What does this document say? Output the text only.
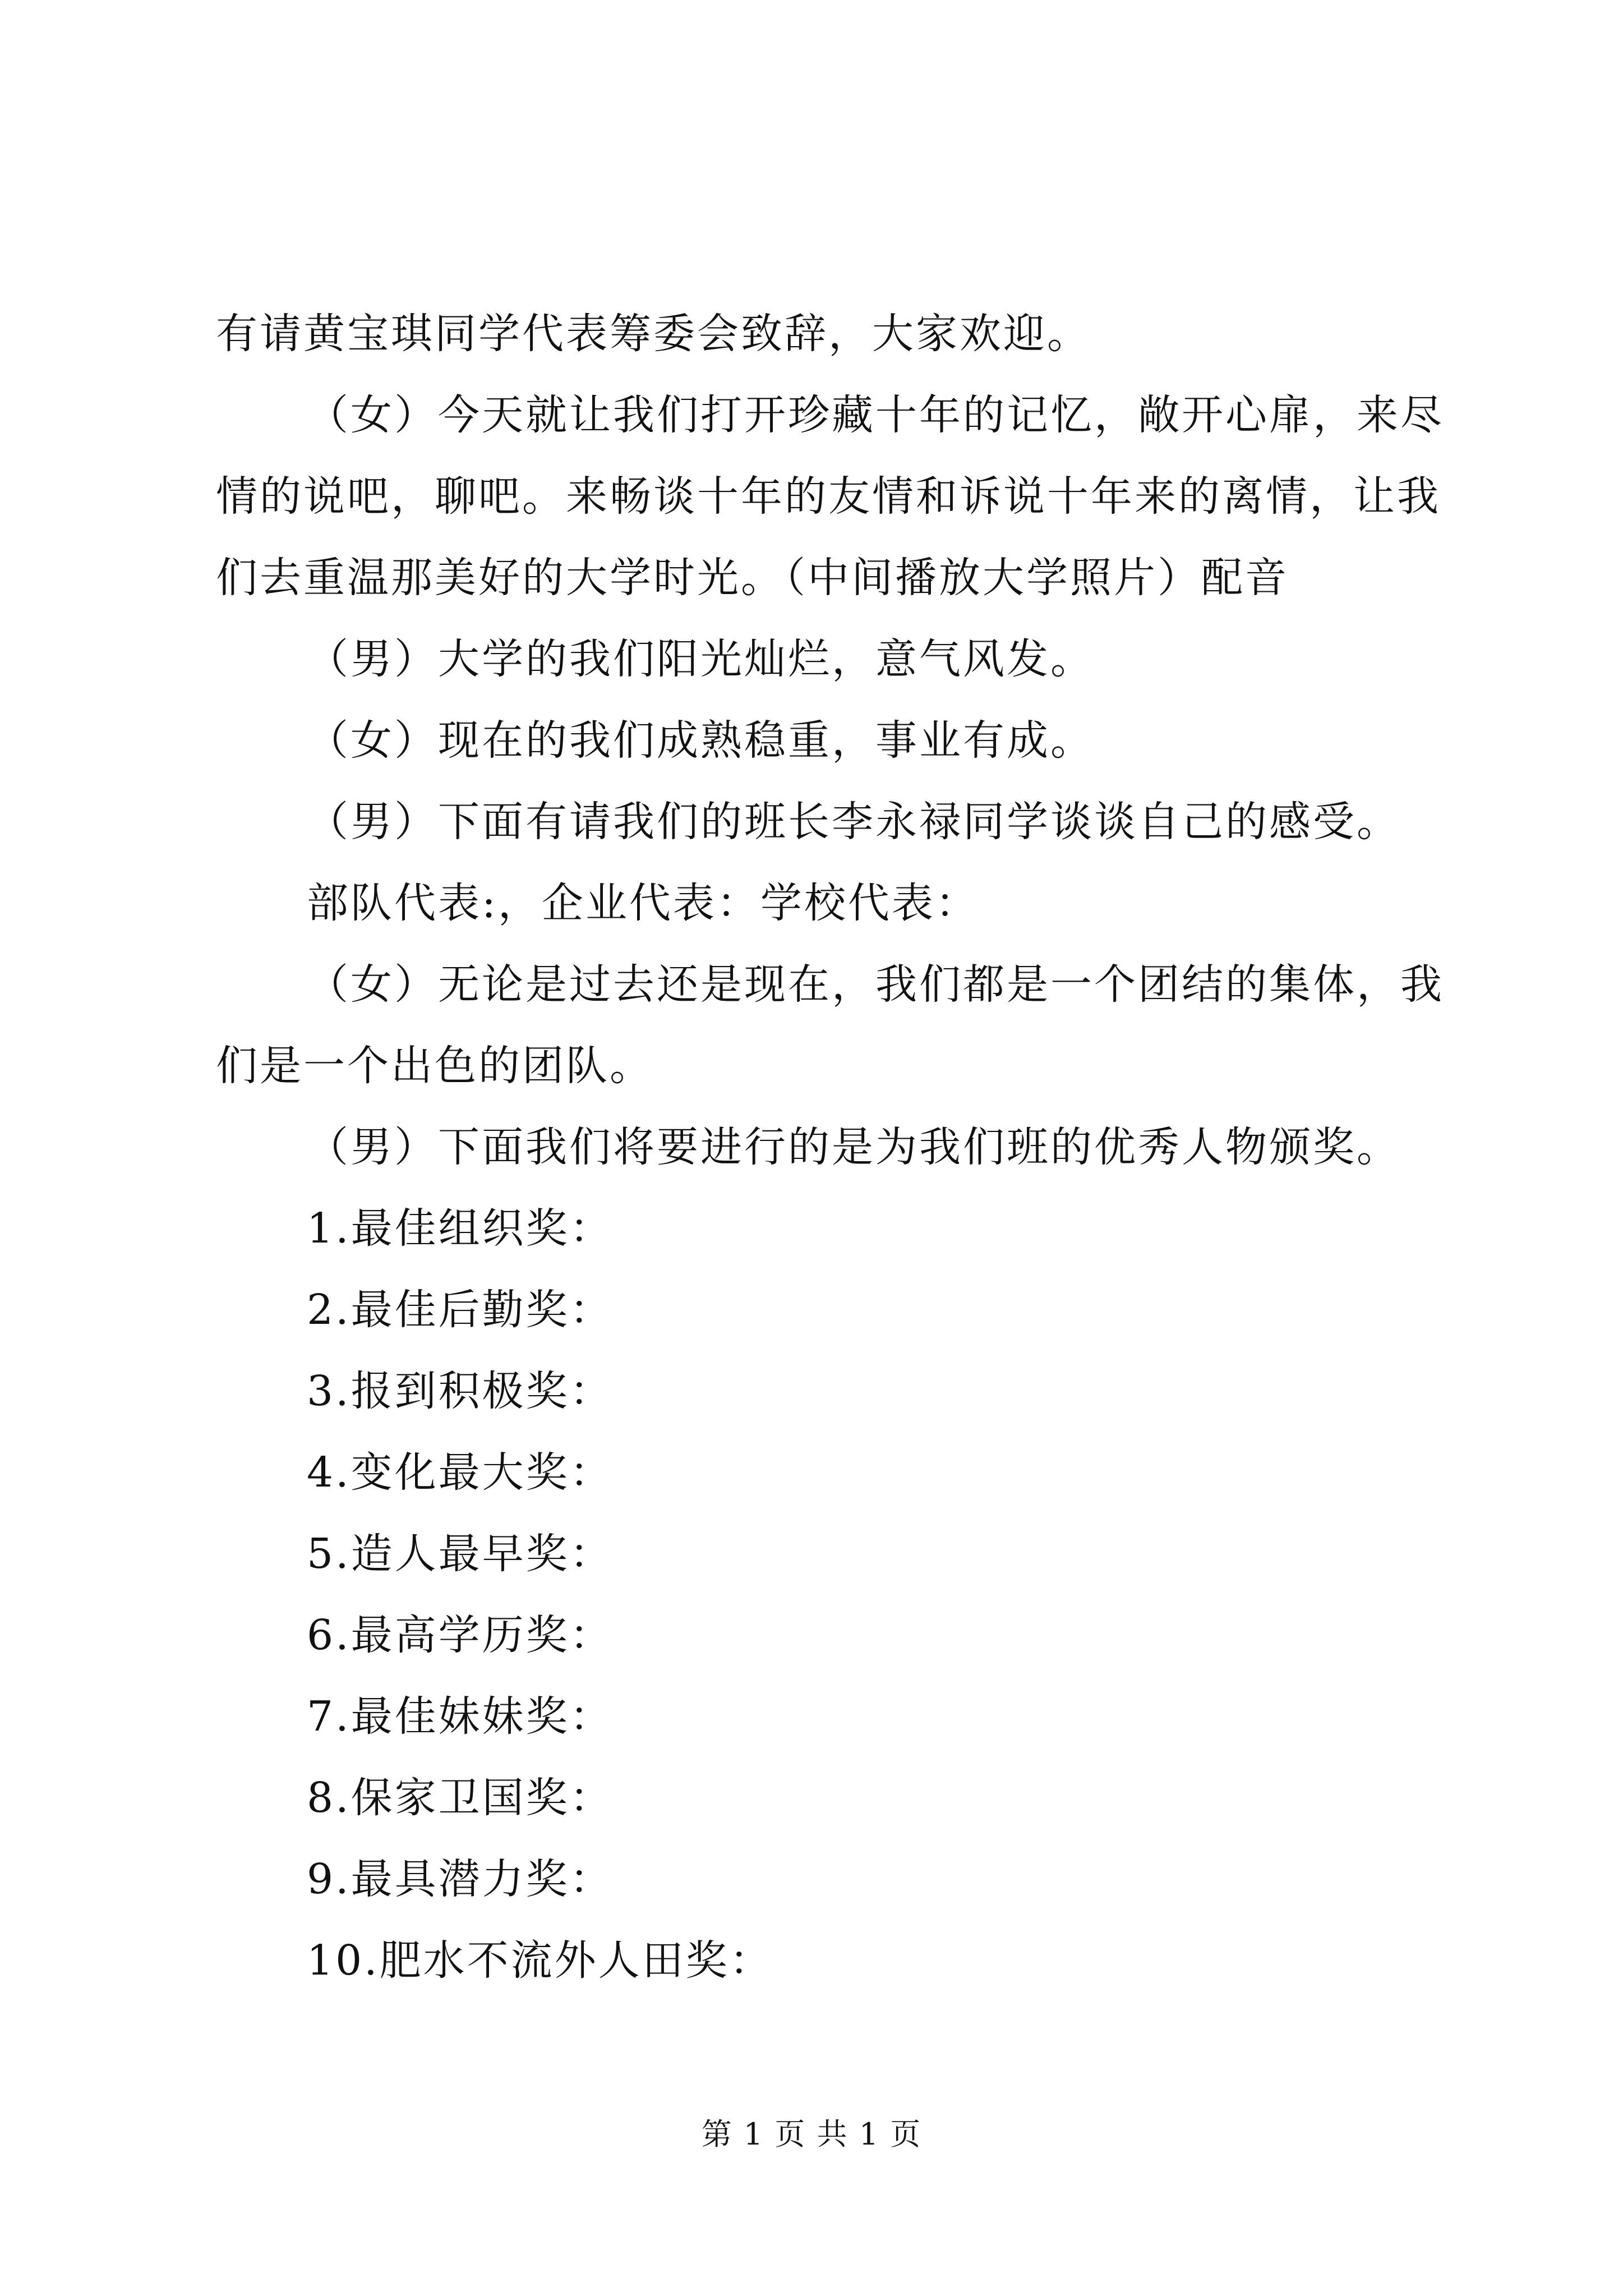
有请黄宝琪同学代表筹委会致辞，大家欢迎。
（女）今天就让我们打开珍藏十年的记忆，敞开心扉，来尽
情的说吧，聊吧。来畅谈十年的友情和诉说十年来的离情，让我
们去重温那美好的大学时光。（中间播放大学照片）配音
（男）大学的我们阳光灿烂，意气风发。
（女）现在的我们成熟稳重，事业有成。
（男）下面有请我们的班长李永禄同学谈谈自己的感受。
部队代表:，企业代表：学校代表：
（女）无论是过去还是现在，我们都是一个团结的集体，我
们是一个出色的团队。
（男）下面我们将要进行的是为我们班的优秀人物颁奖。
1.最佳组织奖：
2.最佳后勤奖：
3.报到积极奖：
4.变化最大奖：
5.造人最早奖：
6.最高学历奖：
7.最佳妹妹奖：
8.保家卫国奖：
9.最具潜力奖：
10.肥水不流外人田奖：
第 1 页 共 1 页
